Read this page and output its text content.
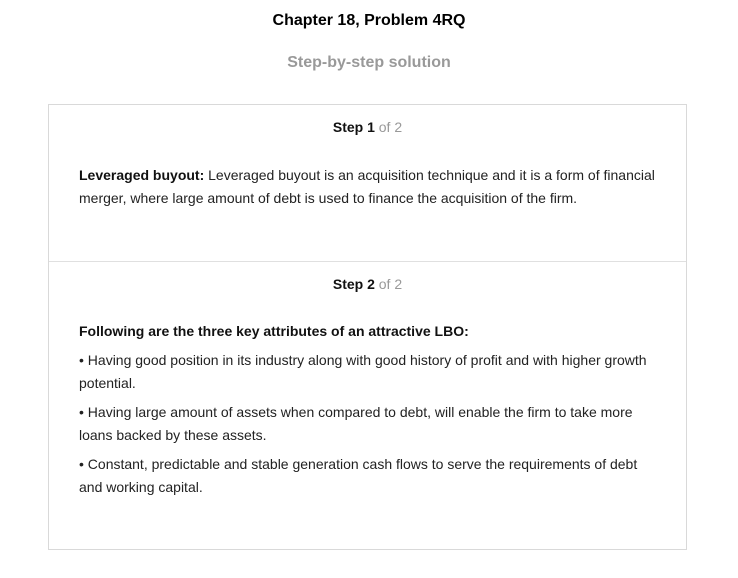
Chapter 18, Problem 4RQ
Step-by-step solution
Step 1 of 2
Leveraged buyout: Leveraged buyout is an acquisition technique and it is a form of financial merger, where large amount of debt is used to finance the acquisition of the firm.
Step 2 of 2

Following are the three key attributes of an attractive LBO:

• Having good position in its industry along with good history of profit and with higher growth potential.

• Having large amount of assets when compared to debt, will enable the firm to take more loans backed by these assets.

• Constant, predictable and stable generation cash flows to serve the requirements of debt and working capital.
